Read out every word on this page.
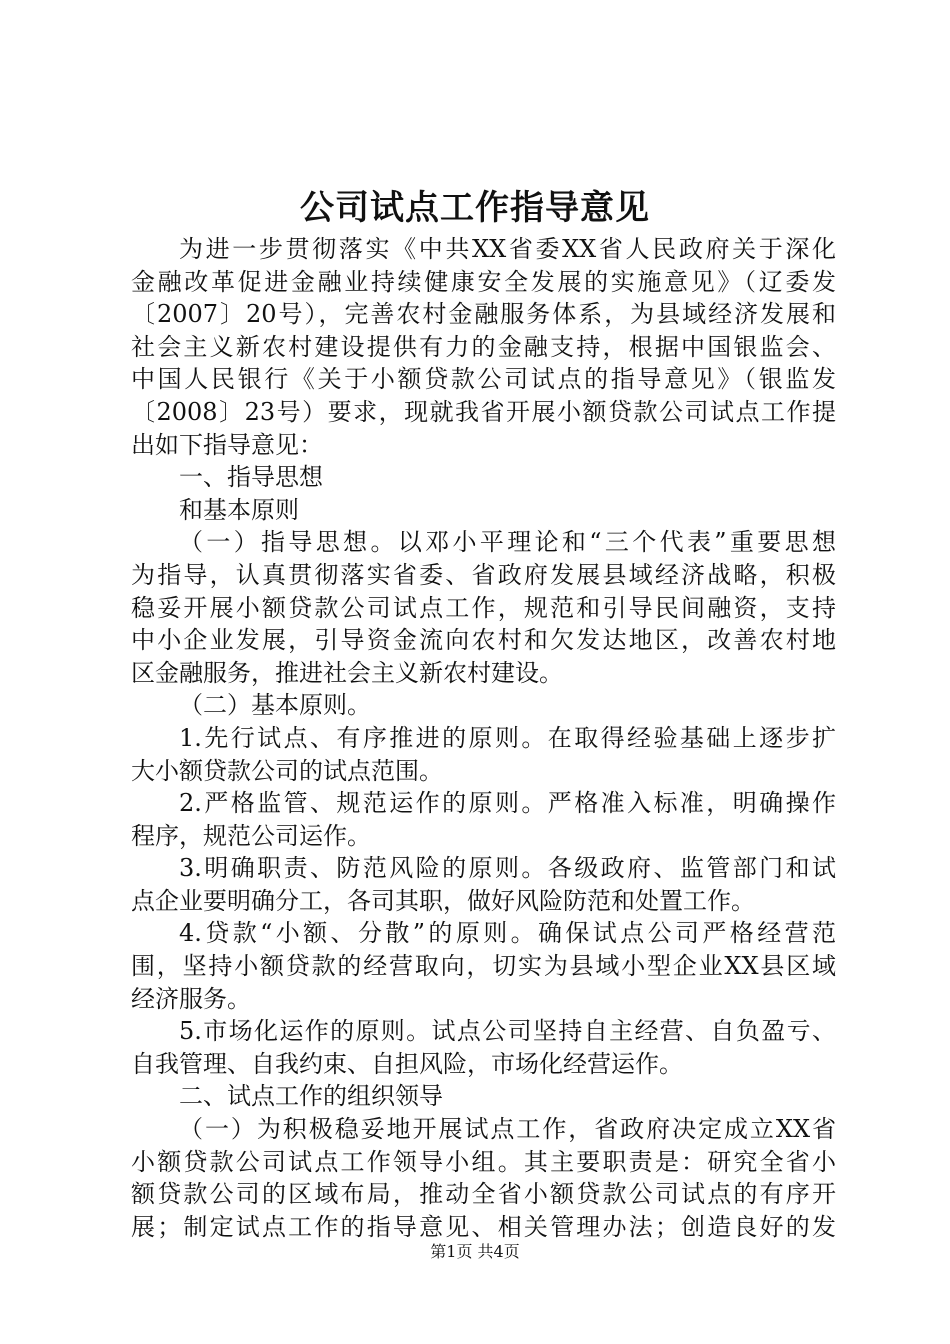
公司试点工作指导意见
为进一步贯彻落实《中共XX省委XX省人民政府关于深化
金融改革促进金融业持续健康安全发展的实施意见》（辽委发
〔2007〕20号），完善农村金融服务体系，为县域经济发展和
社会主义新农村建设提供有力的金融支持，根据中国银监会、
中国人民银行《关于小额贷款公司试点的指导意见》（银监发
〔2008〕23号）要求，现就我省开展小额贷款公司试点工作提
出如下指导意见：
一、指导思想
和基本原则
（一）指导思想。以邓小平理论和“三个代表”重要思想
为指导，认真贯彻落实省委、省政府发展县域经济战略，积极
稳妥开展小额贷款公司试点工作，规范和引导民间融资，支持
中小企业发展，引导资金流向农村和欠发达地区，改善农村地
区金融服务，推进社会主义新农村建设。
（二）基本原则。
1.先行试点、有序推进的原则。在取得经验基础上逐步扩
大小额贷款公司的试点范围。
2.严格监管、规范运作的原则。严格准入标准，明确操作
程序，规范公司运作。
3.明确职责、防范风险的原则。各级政府、监管部门和试
点企业要明确分工，各司其职，做好风险防范和处置工作。
4.贷款“小额、分散”的原则。确保试点公司严格经营范
围，坚持小额贷款的经营取向，切实为县域小型企业XX县区域
经济服务。
5.市场化运作的原则。试点公司坚持自主经营、自负盈亏、
自我管理、自我约束、自担风险，市场化经营运作。
二、试点工作的组织领导
（一）为积极稳妥地开展试点工作，省政府决定成立XX省
小额贷款公司试点工作领导小组。其主要职责是：研究全省小
额贷款公司的区域布局，推动全省小额贷款公司试点的有序开
展；制定试点工作的指导意见、相关管理办法；创造良好的发
第1页 共4页
